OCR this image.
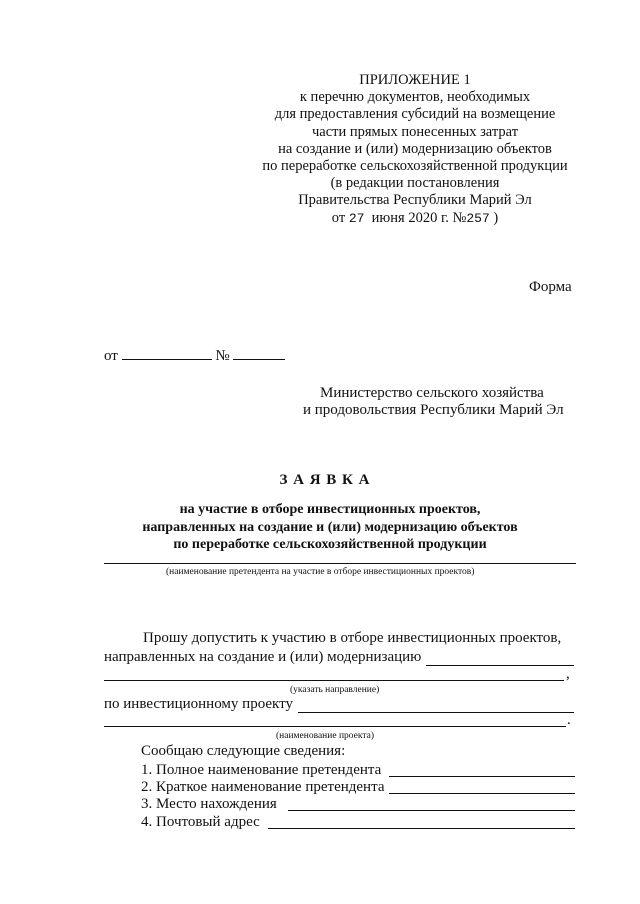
ПРИЛОЖЕНИЕ 1
к перечню документов, необходимых
для предоставления субсидий на возмещение
части прямых понесенных затрат
на создание и (или) модернизацию объектов
по переработке сельскохозяйственной продукции
(в редакции постановления
Правительства Республики Марий Эл
от 27 июня 2020 г. №257 )
Форма
от	№
Министерство сельского хозяйства
и продовольствия Республики Марий Эл
З А Я В К А
на участие в отборе инвестиционных проектов,
направленных на создание и (или) модернизацию объектов
по переработке сельскохозяйственной продукции
(наименование претендента на участие в отборе инвестиционных проектов)
Прошу допустить к участию в отборе инвестиционных проектов,
направленных на создание и (или) модернизацию
,
(указать направление)
по инвестиционному проекту
.
(наименование проекта)
Сообщаю следующие сведения:
1. Полное наименование претендента
2. Краткое наименование претендента
3. Место нахождения
4. Почтовый адрес
